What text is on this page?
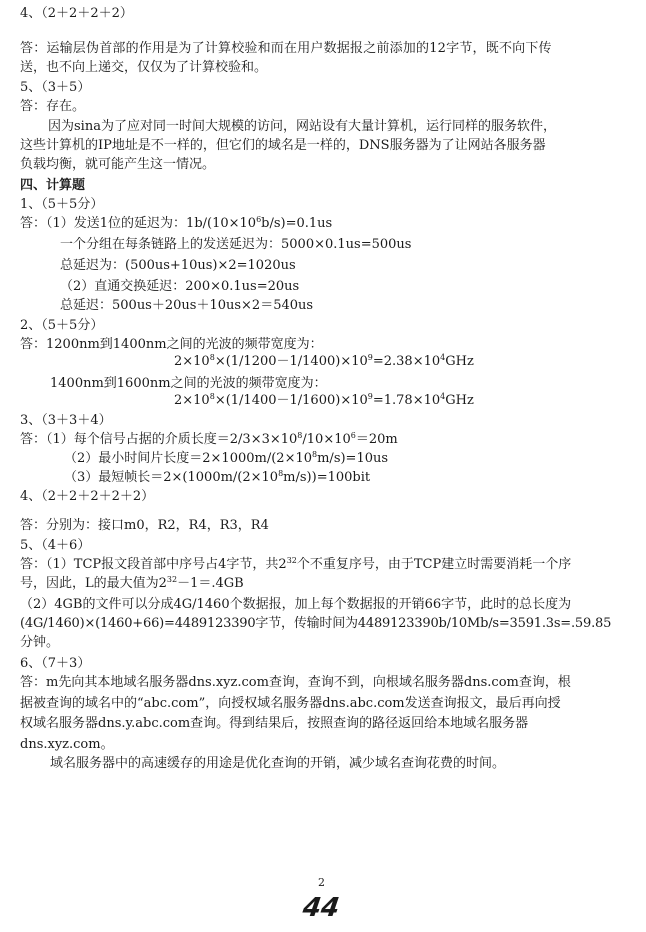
4、（2＋2＋2＋2）
答：运输层伪首部的作用是为了计算校验和而在用户数据报之前添加的12字节，既不向下传
送，也不向上递交，仅仅为了计算校验和。
5、（3＋5）
答：存在。
因为sina为了应对同一时间大规模的访问，网站设有大量计算机，运行同样的服务软件，
这些计算机的IP地址是不一样的，但它们的域名是一样的，DNS服务器为了让网站各服务器
负载均衡，就可能产生这一情况。
四、计算题
1、（5＋5分）
答：（1）发送1位的延迟为：$1b/(10\times 10^6b/s)=0.1us$
一个分组在每条链路上的发送延迟为：5000×0.1us=500us
总延迟为：(500us+10us)×2=1020us
（2）直通交换延迟：200×0.1us=20us
总延迟：500us＋20us＋10us×2＝540us
2、（5＋5分）
答：1200nm到1400nm之间的光波的频带宽度为：
$2\times 10^8\times(1/1200-1/1400)\times 10^9=2.38\times 10^4GHz$
1400nm到1600nm之间的光波的频带宽度为：
$2\times 10^8\times(1/1400-1/1600)\times 10^9=1.78\times 10^4GHz$
3、（3＋3＋4）
答：（1）每个信号占据的介质长度$=2/3\times 3\times 10^8/10\times 10^6=20m$
（2）最小时间片长度$=2\times 1000m/(2\times 10^8m/s)=10us$
（3）最短帧长$=2\times(1000m/(2\times 10^8m/s))=100bit$
4、（2＋2＋2＋2＋2）
答：分别为：接口m0，R2，R4，R3，R4
5、（4＋6）
答：（1）TCP报文段首部中序号占4字节，共$2^{32}$个不重复序号，由于TCP建立时需要消耗一个序
号，因此，L的最大值为$2^{32}-1=.4GB$
（2）4GB的文件可以分成4G/1460个数据报，加上每个数据报的开销66字节，此时的总长度为
(4G/1460)×(1460+66)=4489123390字节，传输时间为4489123390b/10Mb/s=3591.3s=.59.85
分钟。
6、（7＋3）
答：m先向其本地域名服务器dns.xyz.com查询，查询不到，向根域名服务器dns.com查询，根
据被查询的域名中的“abc.com”，向授权域名服务器dns.abc.com发送查询报文，最后再向授
权域名服务器dns.y.abc.com查询。得到结果后，按照查询的路径返回给本地域名服务器
dns.xyz.com。
域名服务器中的高速缓存的用途是优化查询的开销，减少域名查询花费的时间。
2
44
